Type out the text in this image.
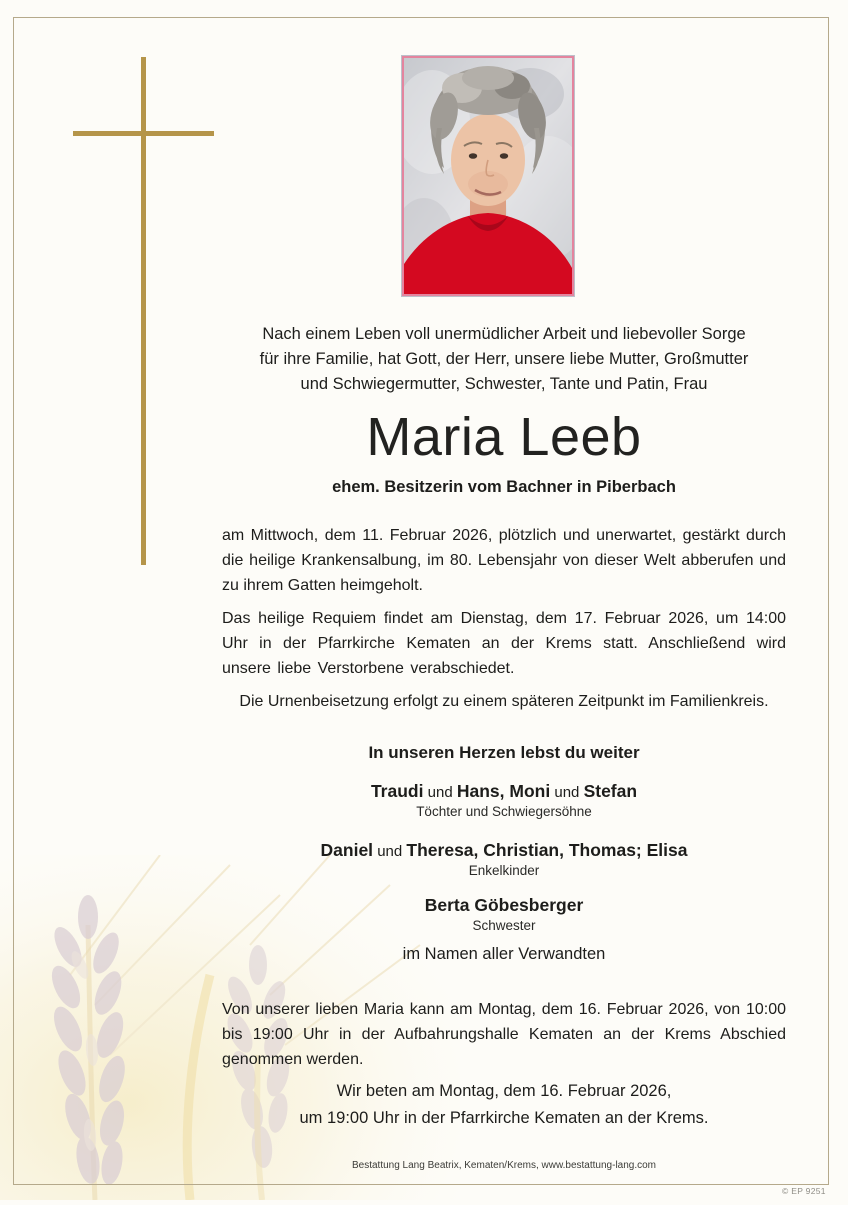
Nach einem Leben voll unermüdlicher Arbeit und liebevoller Sorge
für ihre Familie, hat Gott, der Herr, unsere liebe Mutter, Großmutter
und Schwiegermutter, Schwester, Tante und Patin, Frau
Maria Leeb
ehem. Besitzerin vom Bachner in Piberbach
am Mittwoch, dem 11. Februar 2026, plötzlich und unerwartet, gestärkt durch die heilige Krankensalbung, im 80. Lebensjahr von dieser Welt abberufen und zu ihrem Gatten heimgeholt.
Das heilige Requiem findet am Dienstag, dem 17. Februar 2026, um 14:00 Uhr in der Pfarrkirche Kematen an der Krems statt. Anschließend wird unsere liebe Verstorbene verabschiedet.
Die Urnenbeisetzung erfolgt zu einem späteren Zeitpunkt im Familienkreis.
In unseren Herzen lebst du weiter
Traudi und Hans, Moni und Stefan
Töchter und Schwiegersöhne
Daniel und Theresa, Christian, Thomas; Elisa
Enkelkinder
Berta Göbesberger
Schwester
im Namen aller Verwandten
Von unserer lieben Maria kann am Montag, dem 16. Februar 2026, von 10:00 bis 19:00 Uhr in der Aufbahrungshalle Kematen an der Krems Abschied genommen werden.
Wir beten am Montag, dem 16. Februar 2026,
um 19:00 Uhr in der Pfarrkirche Kematen an der Krems.
Bestattung Lang Beatrix, Kematen/Krems, www.bestattung-lang.com
© EP 9251
